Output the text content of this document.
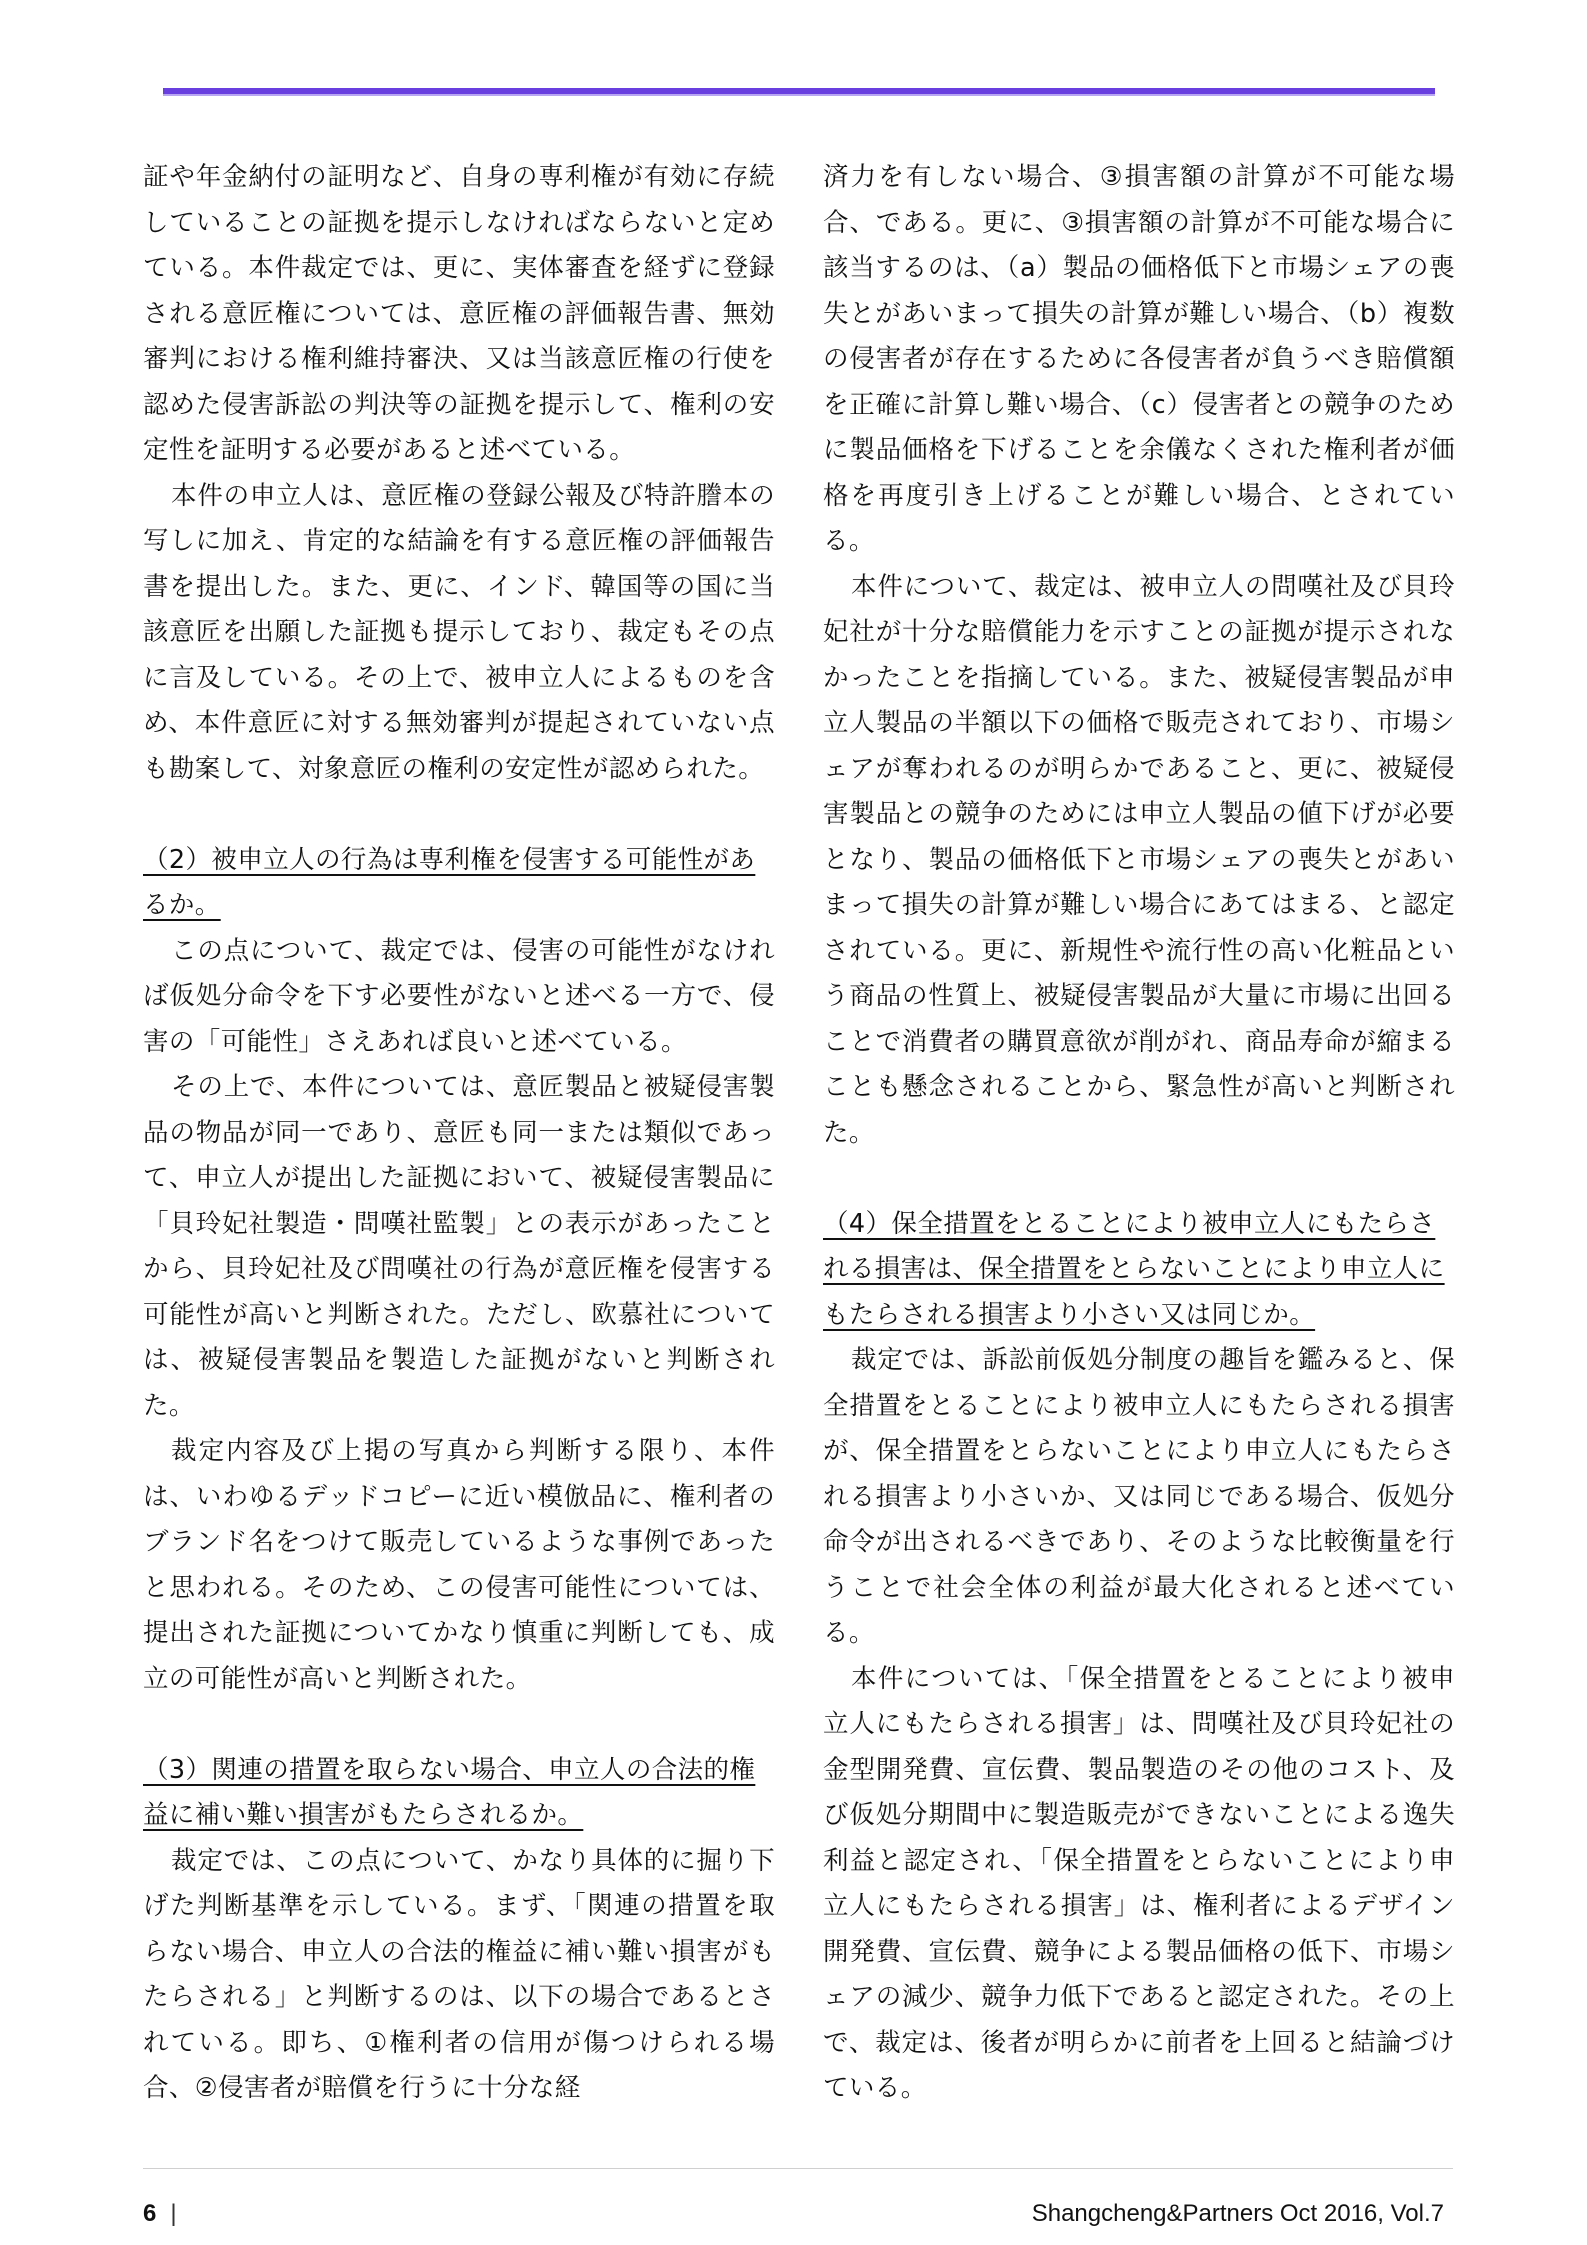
証や年金納付の証明など、自身の専利権が有効に存続していることの証拠を提示しなければならないと定めている。本件裁定では、更に、実体審査を経ずに登録される意匠権については、意匠権の評価報告書、無効審判における権利維持審決、又は当該意匠権の行使を認めた侵害訴訟の判決等の証拠を提示して、権利の安定性を証明する必要があると述べている。

本件の申立人は、意匠権の登録公報及び特許謄本の写しに加え、肯定的な結論を有する意匠権の評価報告書を提出した。また、更に、インド、韓国等の国に当該意匠を出願した証拠も提示しており、裁定もその点に言及している。その上で、被申立人によるものを含め、本件意匠に対する無効審判が提起されていない点も勘案して、対象意匠の権利の安定性が認められた。

（2）被申立人の行為は専利権を侵害する可能性があるか。

この点について、裁定では、侵害の可能性がなければ仮処分命令を下す必要性がないと述べる一方で、侵害の「可能性」さえあれば良いと述べている。

その上で、本件については、意匠製品と被疑侵害製品の物品が同一であり、意匠も同一または類似であって、申立人が提出した証拠において、被疑侵害製品に「貝玲妃社製造・問嘆社監製」との表示があったことから、貝玲妃社及び問嘆社の行為が意匠権を侵害する可能性が高いと判断された。ただし、欧慕社については、被疑侵害製品を製造した証拠がないと判断された。

裁定内容及び上掲の写真から判断する限り、本件は、いわゆるデッドコピーに近い模倣品に、権利者のブランド名をつけて販売しているような事例であったと思われる。そのため、この侵害可能性については、提出された証拠についてかなり慎重に判断しても、成立の可能性が高いと判断された。

（3）関連の措置を取らない場合、申立人の合法的権益に補い難い損害がもたらされるか。

裁定では、この点について、かなり具体的に掘り下げた判断基準を示している。まず、「関連の措置を取らない場合、申立人の合法的権益に補い難い損害がもたらされる」と判断するのは、以下の場合であるとされている。即ち、①権利者の信用が傷つけられる場合、②侵害者が賠償を行うに十分な経

済力を有しない場合、③損害額の計算が不可能な場合、である。更に、③損害額の計算が不可能な場合に該当するのは、（a）製品の価格低下と市場シェアの喪失とがあいまって損失の計算が難しい場合、（b）複数の侵害者が存在するために各侵害者が負うべき賠償額を正確に計算し難い場合、（c）侵害者との競争のために製品価格を下げることを余儀なくされた権利者が価格を再度引き上げることが難しい場合、とされている。

本件について、裁定は、被申立人の問嘆社及び貝玲妃社が十分な賠償能力を示すことの証拠が提示されなかったことを指摘している。また、被疑侵害製品が申立人製品の半額以下の価格で販売されており、市場シェアが奪われるのが明らかであること、更に、被疑侵害製品との競争のためには申立人製品の値下げが必要となり、製品の価格低下と市場シェアの喪失とがあいまって損失の計算が難しい場合にあてはまる、と認定されている。更に、新規性や流行性の高い化粧品という商品の性質上、被疑侵害製品が大量に市場に出回ることで消費者の購買意欲が削がれ、商品寿命が縮まることも懸念されることから、緊急性が高いと判断された。

（4）保全措置をとることにより被申立人にもたらされる損害は、保全措置をとらないことにより申立人にもたらされる損害より小さい又は同じか。

裁定では、訴訟前仮処分制度の趣旨を鑑みると、保全措置をとることにより被申立人にもたらされる損害が、保全措置をとらないことにより申立人にもたらされる損害より小さいか、又は同じである場合、仮処分命令が出されるべきであり、そのような比較衡量を行うことで社会全体の利益が最大化されると述べている。

本件については、「保全措置をとることにより被申立人にもたらされる損害」は、問嘆社及び貝玲妃社の金型開発費、宣伝費、製品製造のその他のコスト、及び仮処分期間中に製造販売ができないことによる逸失利益と認定され、「保全措置をとらないことにより申立人にもたらされる損害」は、権利者によるデザイン開発費、宣伝費、競争による製品価格の低下、市場シェアの減少、競争力低下であると認定された。その上で、裁定は、後者が明らかに前者を上回ると結論づけている。

6 |	Shangcheng&Partners Oct 2016, Vol.7
